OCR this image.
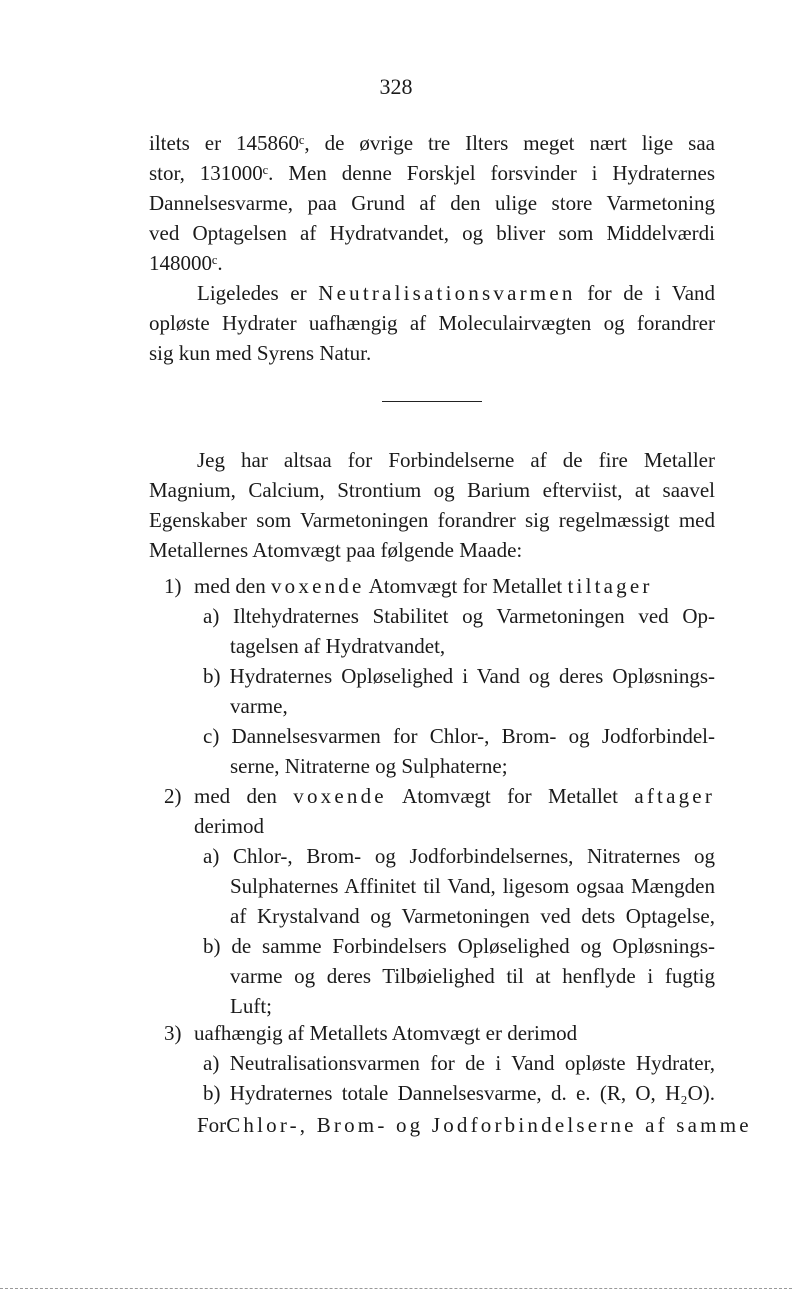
328
iltets er 145860ᶜ, de øvrige tre Ilters meget nært lige saa
stor, 131000ᶜ. Men denne Forskjel forsvinder i Hydraternes
Dannelsesvarme, paa Grund af den ulige store Varmetoning
ved Optagelsen af Hydratvandet, og bliver som Middelværdi
148000ᶜ.
Ligeledes er Neutralisationsvarmen for de i Vand
opløste Hydrater uafhængig af Moleculairvægten og forandrer
sig kun med Syrens Natur.
Jeg har altsaa for Forbindelserne af de fire Metaller
Magnium, Calcium, Strontium og Barium efterviist, at saavel
Egenskaber som Varmetoningen forandrer sig regelmæssigt med
Metallernes Atomvægt paa følgende Maade:
1) med den voxende Atomvægt for Metallet tiltager
a) Iltehydraternes Stabilitet og Varmetoningen ved Op-
tagelsen af Hydratvandet,
b) Hydraternes Opløselighed i Vand og deres Opløsnings-
varme,
c) Dannelsesvarmen for Chlor-, Brom- og Jodforbindel-
serne, Nitraterne og Sulphaterne;
2) med den voxende Atomvægt for Metallet aftager
derimod
a) Chlor-, Brom- og Jodforbindelsernes, Nitraternes og
Sulphaternes Affinitet til Vand, ligesom ogsaa Mængden
af Krystalvand og Varmetoningen ved dets Optagelse,
b) de samme Forbindelsers Opløselighed og Opløsnings-
varme og deres Tilbøielighed til at henflyde i fugtig
Luft;
3) uafhængig af Metallets Atomvægt er derimod
a) Neutralisationsvarmen for de i Vand opløste Hydrater,
b) Hydraternes totale Dannelsesvarme, d. e. (R, O, H₂O).
ForChlor-, Brom- og Jodforbindelserne af samme
